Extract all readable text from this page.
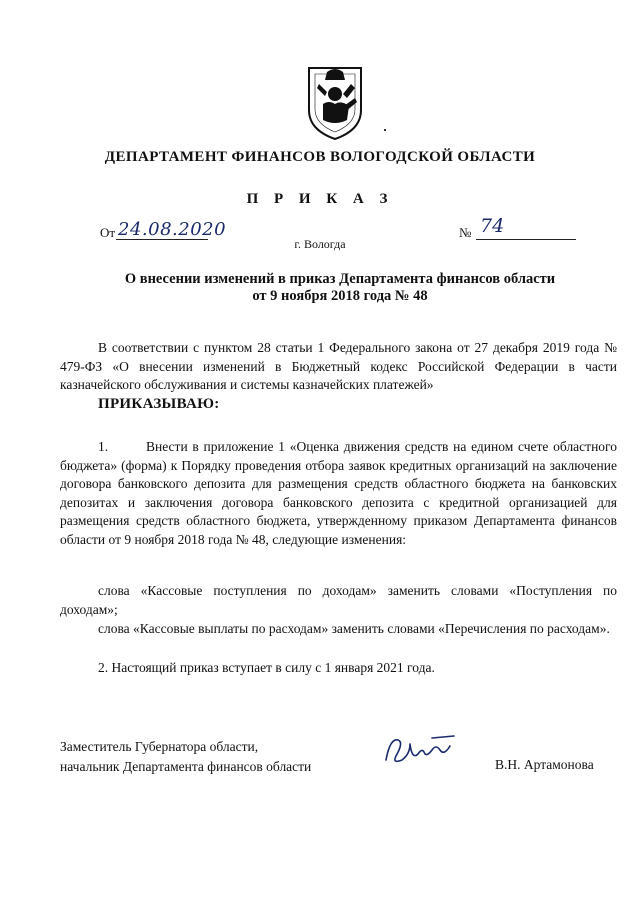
ДЕПАРТАМЕНТ ФИНАНСОВ ВОЛОГОДСКОЙ ОБЛАСТИ
П Р И К А З
От 24.08.2020	№ 74
г. Вологда
О внесении изменений в приказ Департамента финансов области
от 9 ноября 2018 года № 48
В соответствии с пунктом 28 статьи 1 Федерального закона от 27 декабря 2019 года № 479-ФЗ «О внесении изменений в Бюджетный кодекс Российской Федерации в части казначейского обслуживания и системы казначейских платежей»
ПРИКАЗЫВАЮ:
1.	Внести в приложение 1 «Оценка движения средств на едином счете областного бюджета» (форма) к Порядку проведения отбора заявок кредитных организаций на заключение договора банковского депозита для размещения средств областного бюджета на банковских депозитах и заключения договора банковского депозита с кредитной организацией для размещения средств областного бюджета, утвержденному приказом Департамента финансов области от 9 ноября 2018 года № 48, следующие изменения:
слова «Кассовые поступления по доходам» заменить словами «Поступления по доходам»;
слова «Кассовые выплаты по расходам» заменить словами «Перечисления по расходам».
2. Настоящий приказ вступает в силу с 1 января 2021 года.
Заместитель Губернатора области,
начальник Департамента финансов области	В.Н. Артамонова
